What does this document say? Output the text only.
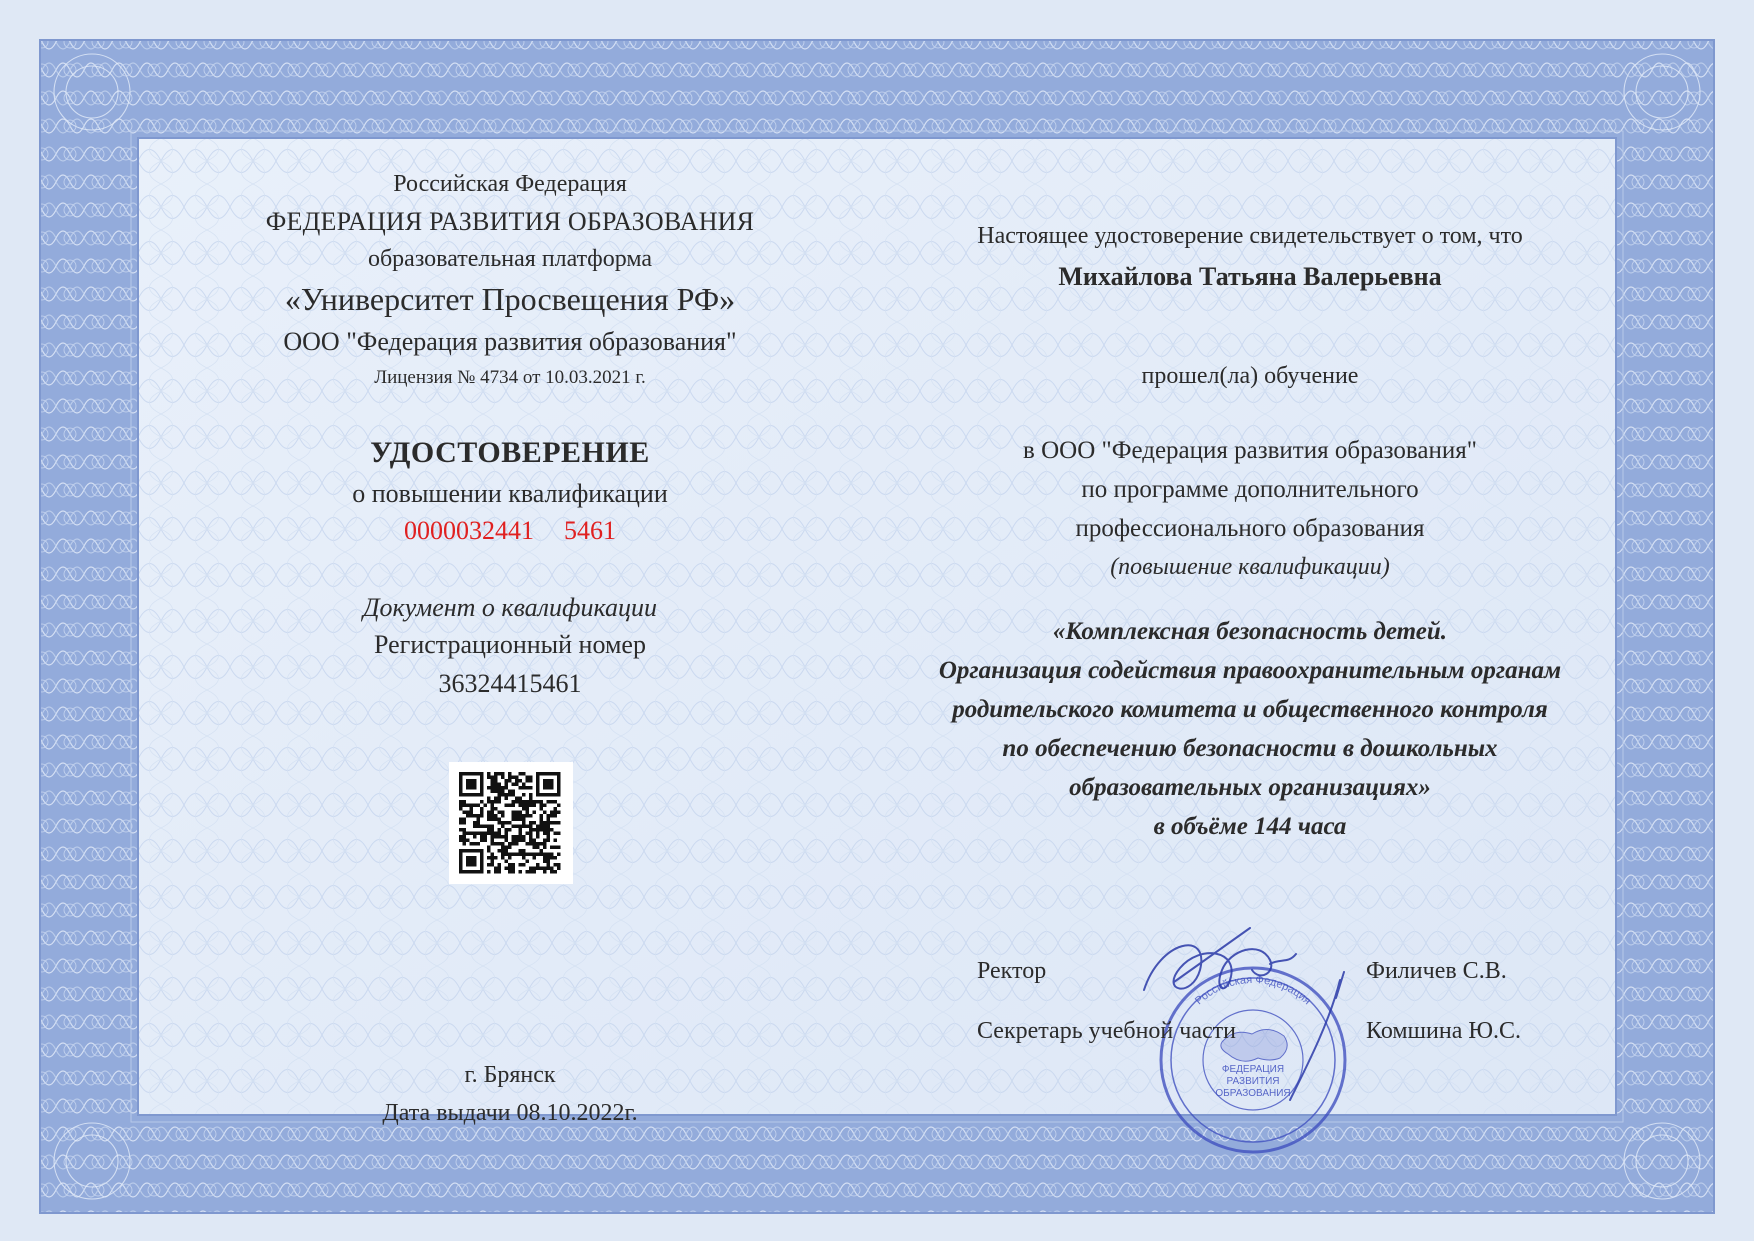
Российская Федерация
ФЕДЕРАЦИЯ РАЗВИТИЯ ОБРАЗОВАНИЯ
образовательная платформа
«Университет Просвещения РФ»
ООО "Федерация развития образования"
Лицензия № 4734 от 10.03.2021 г.
УДОСТОВЕРЕНИЕ
о повышении квалификации
0000032441 5461
Документ о квалификации
Регистрационный номер
36324415461
г. Брянск
Дата выдачи 08.10.2022г.
Настоящее удостоверение свидетельствует о том, что
Михайлова Татьяна Валерьевна
прошел(ла) обучение
в ООО "Федерация развития образования"
по программе дополнительного
профессионального образования
(повышение квалификации)
«Комплексная безопасность детей.
Организация содействия правоохранительным органам
родительского комитета и общественного контроля
по обеспечению безопасности в дошкольных
образовательных организациях»
в объёме 144 часа
Российская Федерация
ФЕДЕРАЦИЯ
РАЗВИТИЯ
ОБРАЗОВАНИЯ
Ректор	Филичев С.В.
Секретарь учебной части	Комшина Ю.С.
